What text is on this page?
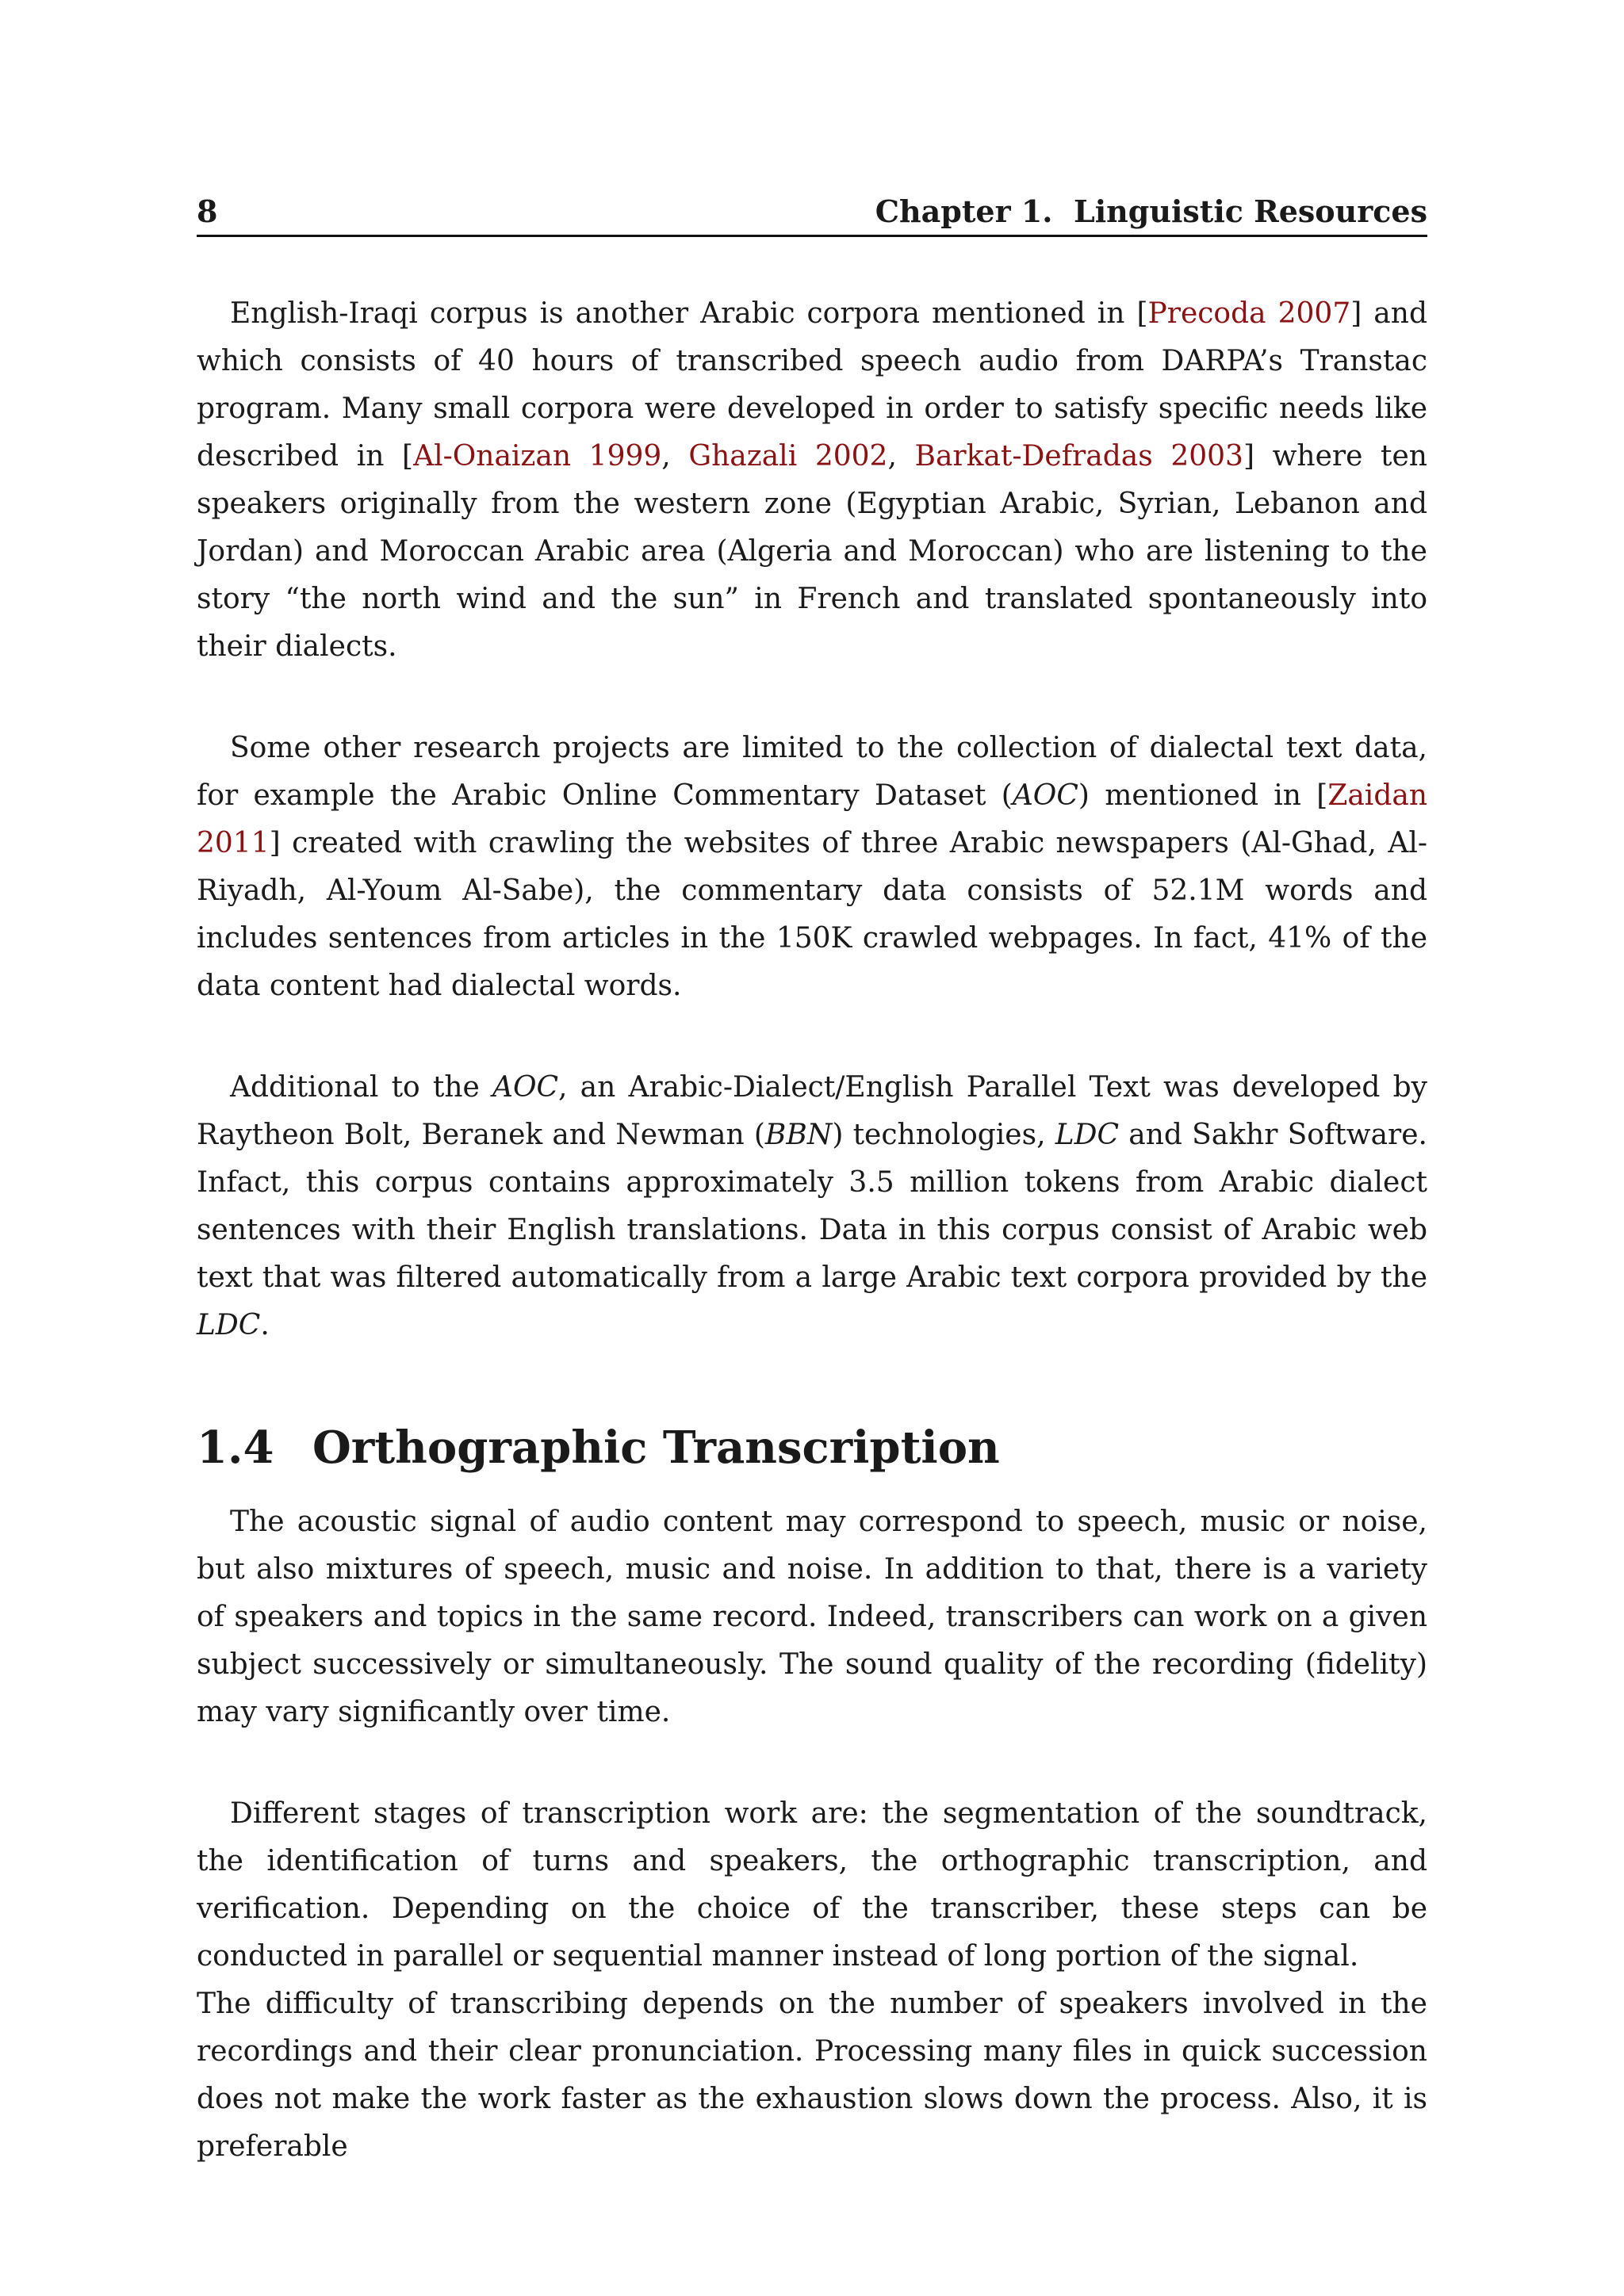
8	Chapter 1. Linguistic Resources

English-Iraqi corpus is another Arabic corpora mentioned in [Precoda 2007] and which consists of 40 hours of transcribed speech audio from DARPA’s Transtac program. Many small corpora were developed in order to satisfy specific needs like described in [Al-Onaizan 1999, Ghazali 2002, Barkat-Defradas 2003] where ten speakers originally from the western zone (Egyptian Arabic, Syrian, Lebanon and Jordan) and Moroccan Arabic area (Algeria and Moroccan) who are listening to the story “the north wind and the sun” in French and translated spontaneously into their dialects.

Some other research projects are limited to the collection of dialectal text data, for example the Arabic Online Commentary Dataset (AOC) mentioned in [Zaidan 2011] created with crawling the websites of three Arabic newspapers (Al-Ghad, Al-Riyadh, Al-Youm Al-Sabe), the commentary data consists of 52.1M words and includes sentences from articles in the 150K crawled webpages. In fact, 41% of the data content had dialectal words.

Additional to the AOC, an Arabic-Dialect/English Parallel Text was developed by Raytheon Bolt, Beranek and Newman (BBN) technologies, LDC and Sakhr Software. Infact, this corpus contains approximately 3.5 million tokens from Arabic dialect sentences with their English translations. Data in this corpus consist of Arabic web text that was filtered automatically from a large Arabic text corpora provided by the LDC.

1.4 Orthographic Transcription

The acoustic signal of audio content may correspond to speech, music or noise, but also mixtures of speech, music and noise. In addition to that, there is a variety of speakers and topics in the same record. Indeed, transcribers can work on a given subject successively or simultaneously. The sound quality of the recording (fidelity) may vary significantly over time.

Different stages of transcription work are: the segmentation of the soundtrack, the identification of turns and speakers, the orthographic transcription, and verification. Depending on the choice of the transcriber, these steps can be conducted in parallel or sequential manner instead of long portion of the signal.

The difficulty of transcribing depends on the number of speakers involved in the recordings and their clear pronunciation. Processing many files in quick succession does not make the work faster as the exhaustion slows down the process. Also, it is preferable
